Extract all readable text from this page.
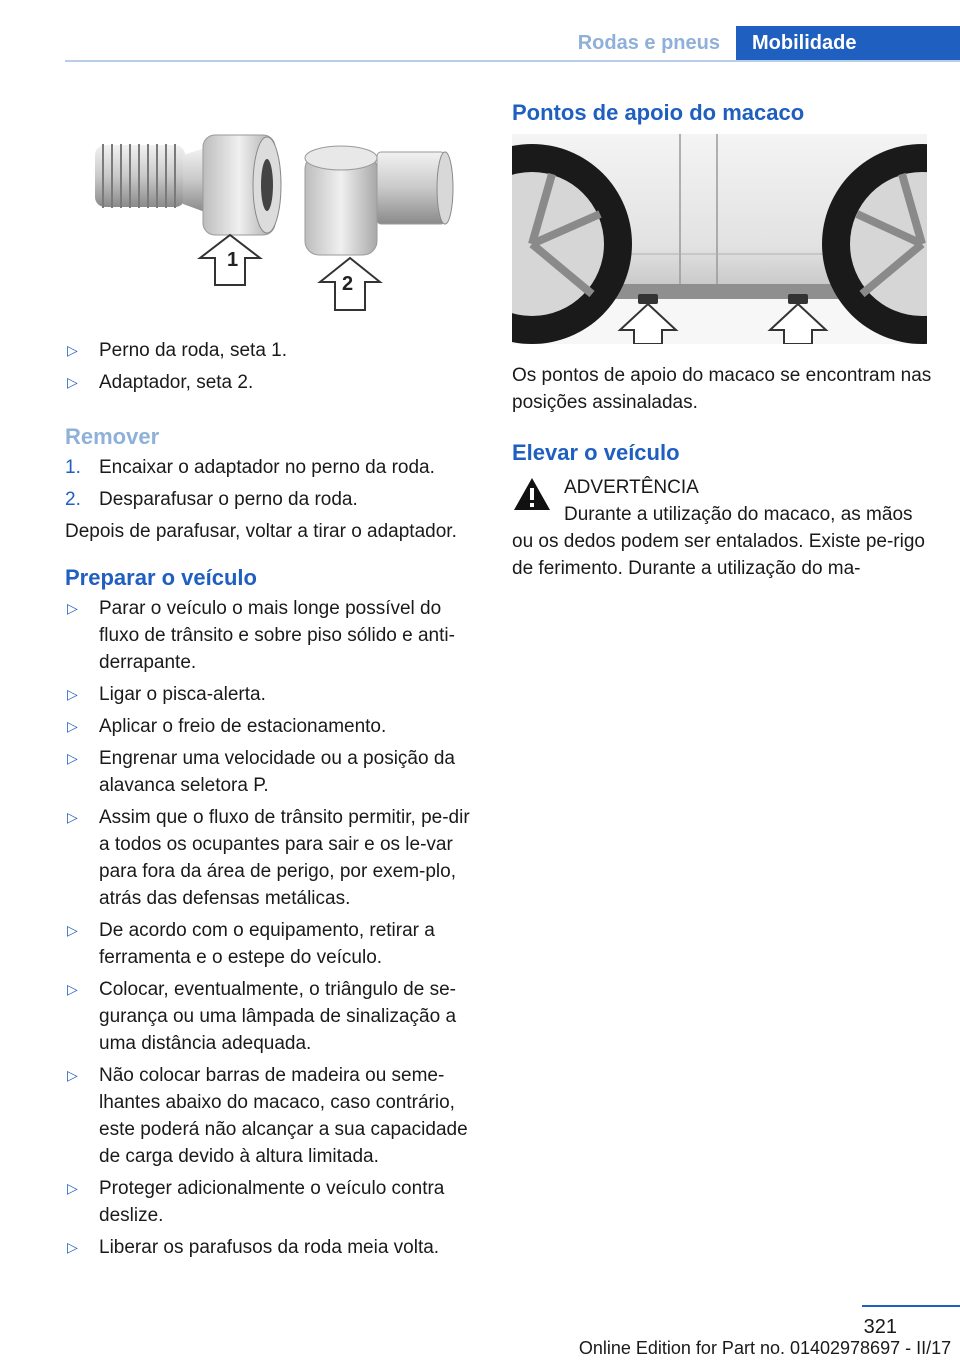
Rodas e pneus	Mobilidade
1
2
▷ Perno da roda, seta 1.
▷ Adaptador, seta 2.
Remover
1. Encaixar o adaptador no perno da roda.
2. Desparafusar o perno da roda.

Depois de parafusar, voltar a tirar o adaptador.

Preparar o veículo
▷ Parar o veículo o mais longe possível do fluxo de trânsito e sobre piso sólido e anti-derrapante.
▷ Ligar o pisca-alerta.
▷ Aplicar o freio de estacionamento.
▷ Engrenar uma velocidade ou a posição da alavanca seletora P.
▷ Assim que o fluxo de trânsito permitir, pe-dir a todos os ocupantes para sair e os le-var para fora da área de perigo, por exem-plo, atrás das defensas metálicas.
▷ De acordo com o equipamento, retirar a ferramenta e o estepe do veículo.
▷ Colocar, eventualmente, o triângulo de se-gurança ou uma lâmpada de sinalização a uma distância adequada.
▷ Não colocar barras de madeira ou seme-lhantes abaixo do macaco, caso contrário, este poderá não alcançar a sua capacidade de carga devido à altura limitada.
▷ Proteger adicionalmente o veículo contra deslize.
▷ Liberar os parafusos da roda meia volta.
Pontos de apoio do macaco

Os pontos de apoio do macaco se encontram nas posições assinaladas.

Elevar o veículo
ADVERTÊNCIA

Durante a utilização do macaco, as mãos ou os dedos podem ser entalados. Existe pe-rigo de ferimento. Durante a utilização do ma-

321
Online Edition for Part no. 01402978697 - II/17
